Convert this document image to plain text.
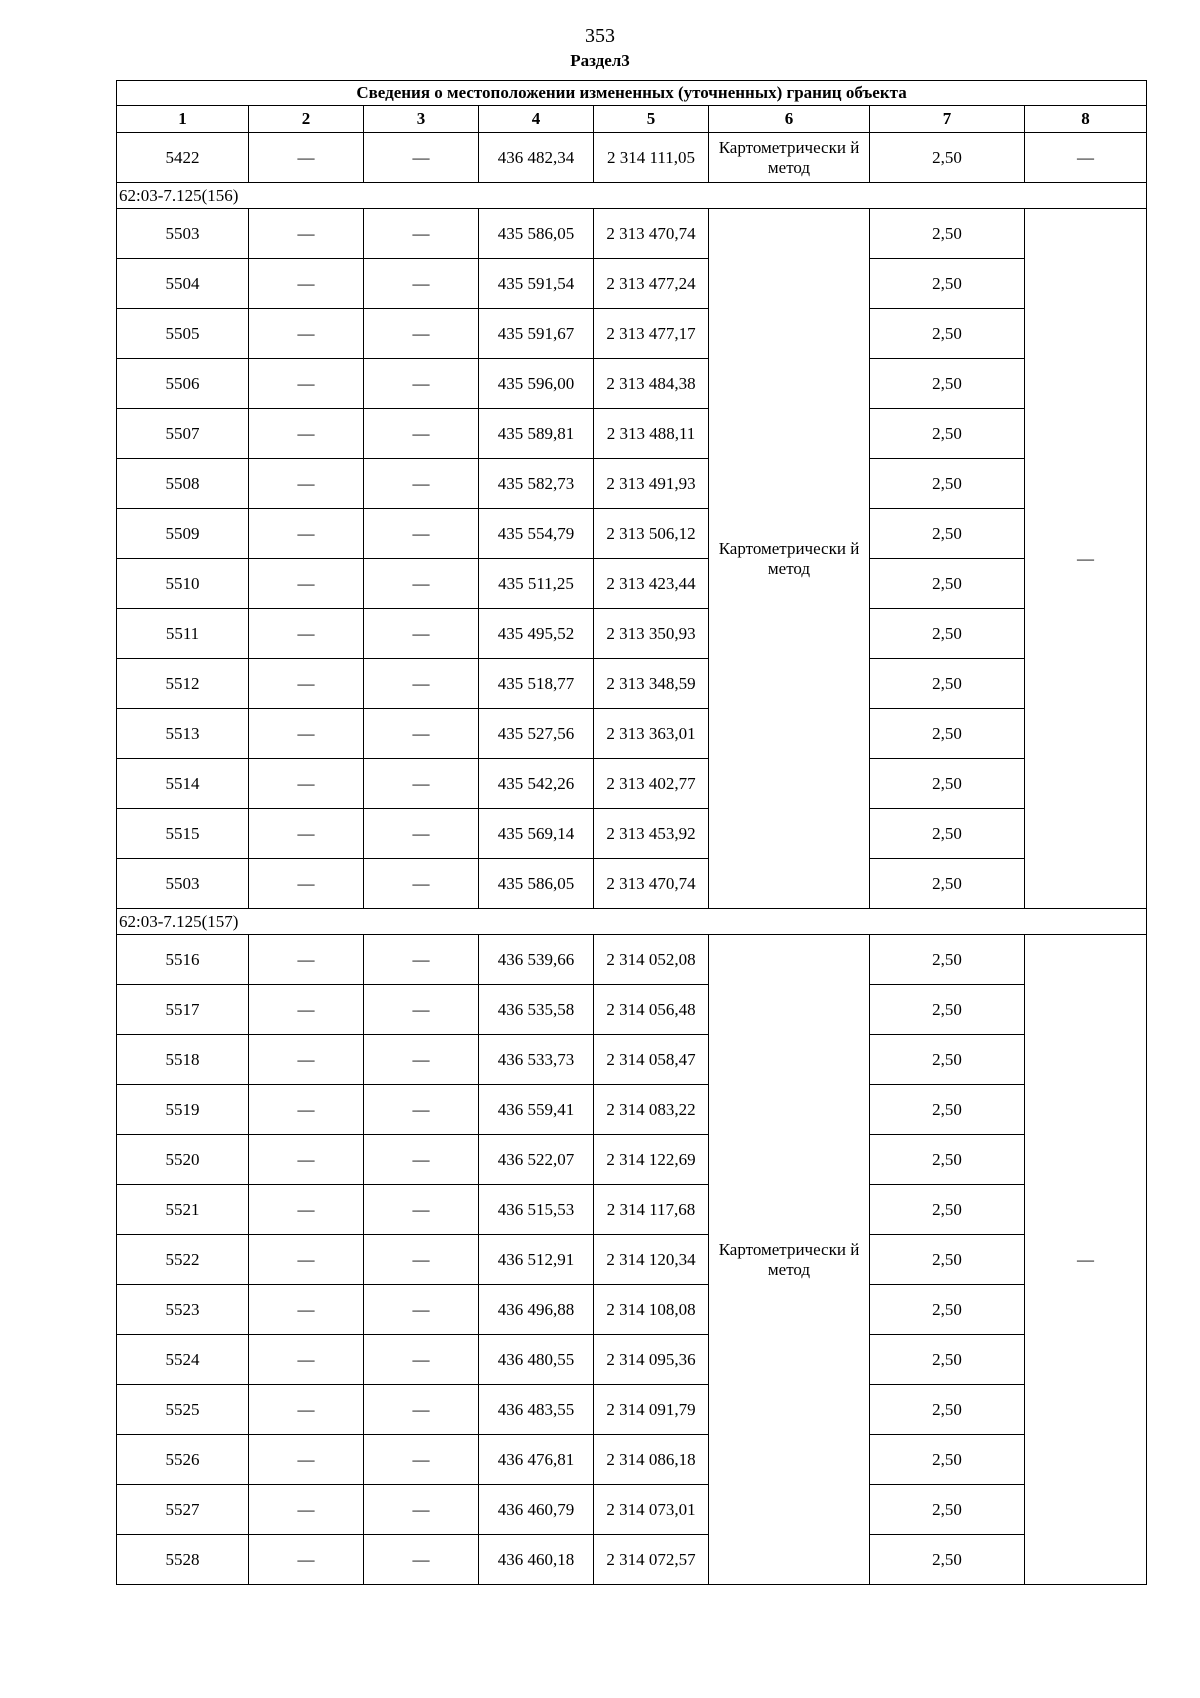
353
Раздел3
Сведения о местоположении измененных (уточненных) границ объекта							
1	2	3	4	5	6	7	8
5422	—	—	436 482,34	2 314 111,05	Картометрически й метод	2,50	—
62:03-7.125(156)							
5503	—	—	435 586,05	2 313 470,74	Картометрически й метод	2,50	—
5504	—	—	435 591,54	2 313 477,24		2,50	
5505	—	—	435 591,67	2 313 477,17		2,50	
5506	—	—	435 596,00	2 313 484,38		2,50	
5507	—	—	435 589,81	2 313 488,11		2,50	
5508	—	—	435 582,73	2 313 491,93		2,50	
5509	—	—	435 554,79	2 313 506,12		2,50	
5510	—	—	435 511,25	2 313 423,44		2,50	
5511	—	—	435 495,52	2 313 350,93		2,50	
5512	—	—	435 518,77	2 313 348,59		2,50	
5513	—	—	435 527,56	2 313 363,01		2,50	
5514	—	—	435 542,26	2 313 402,77		2,50	
5515	—	—	435 569,14	2 313 453,92		2,50	
5503	—	—	435 586,05	2 313 470,74		2,50	
62:03-7.125(157)							
5516	—	—	436 539,66	2 314 052,08	Картометрически й метод	2,50	—
5517	—	—	436 535,58	2 314 056,48		2,50	
5518	—	—	436 533,73	2 314 058,47		2,50	
5519	—	—	436 559,41	2 314 083,22		2,50	
5520	—	—	436 522,07	2 314 122,69		2,50	
5521	—	—	436 515,53	2 314 117,68		2,50	
5522	—	—	436 512,91	2 314 120,34		2,50	
5523	—	—	436 496,88	2 314 108,08		2,50	
5524	—	—	436 480,55	2 314 095,36		2,50	
5525	—	—	436 483,55	2 314 091,79		2,50	
5526	—	—	436 476,81	2 314 086,18		2,50	
5527	—	—	436 460,79	2 314 073,01		2,50	
5528	—	—	436 460,18	2 314 072,57		2,50	
